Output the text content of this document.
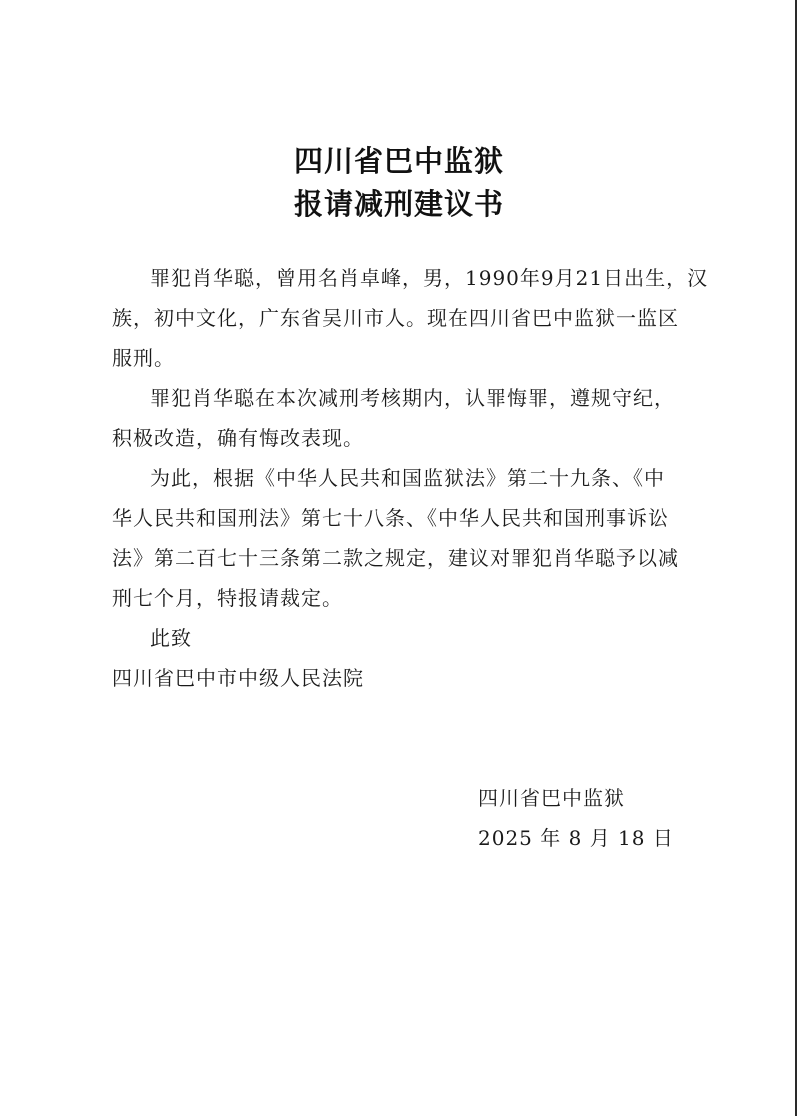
四川省巴中监狱
报请减刑建议书

罪犯肖华聪，曾用名肖卓峰，男，1990年9月21日出生，汉

族，初中文化，广东省吴川市人。现在四川省巴中监狱一监区

服刑。

罪犯肖华聪在本次减刑考核期内，认罪悔罪，遵规守纪，

积极改造，确有悔改表现。

为此，根据《中华人民共和国监狱法》第二十九条、《中

华人民共和国刑法》第七十八条、《中华人民共和国刑事诉讼

法》第二百七十三条第二款之规定，建议对罪犯肖华聪予以减

刑七个月，特报请裁定。

此致

四川省巴中市中级人民法院

四川省巴中监狱

2025 年 8 月 18 日
